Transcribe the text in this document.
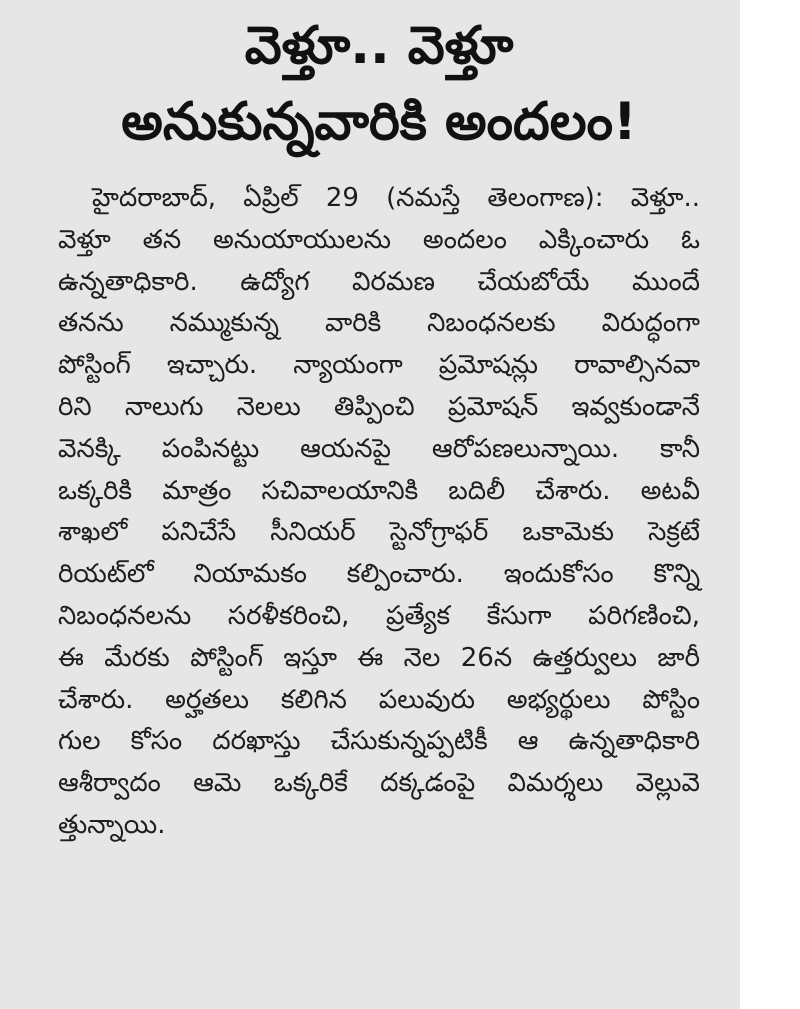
వెళ్తూ.. వెళ్తూ
అనుకున్నవారికి అందలం!
హైదరాబాద్, ఏప్రిల్ 29 (నమస్తే తెలంగాణ): వెళ్తూ..
వెళ్తూ తన అనుయాయులను అందలం ఎక్కించారు ఓ
ఉన్నతాధికారి. ఉద్యోగ విరమణ చేయబోయే ముందే
తనను నమ్ముకున్న వారికి నిబంధనలకు విరుద్ధంగా
పోస్టింగ్ ఇచ్చారు. న్యాయంగా ప్రమోషన్లు రావాల్సినవా
రిని నాలుగు నెలలు తిప్పించి ప్రమోషన్ ఇవ్వకుండానే
వెనక్కి పంపినట్టు ఆయనపై ఆరోపణలున్నాయి. కానీ
ఒక్కరికి మాత్రం సచివాలయానికి బదిలీ చేశారు. అటవీ
శాఖలో పనిచేసే సీనియర్ స్టెనోగ్రాఫర్ ఒకామెకు సెక్రటే
రియట్‌లో నియామకం కల్పించారు. ఇందుకోసం కొన్ని
నిబంధనలను సరళీకరించి, ప్రత్యేక కేసుగా పరిగణించి,
ఈ మేరకు పోస్టింగ్ ఇస్తూ ఈ నెల 26న ఉత్తర్వులు జారీ
చేశారు. అర్హతలు కలిగిన పలువురు అభ్యర్థులు పోస్టిం
గుల కోసం దరఖాస్తు చేసుకున్నప్పటికీ ఆ ఉన్నతాధికారి
ఆశీర్వాదం ఆమె ఒక్కరికే దక్కడంపై విమర్శలు వెల్లువె
త్తున్నాయి.
